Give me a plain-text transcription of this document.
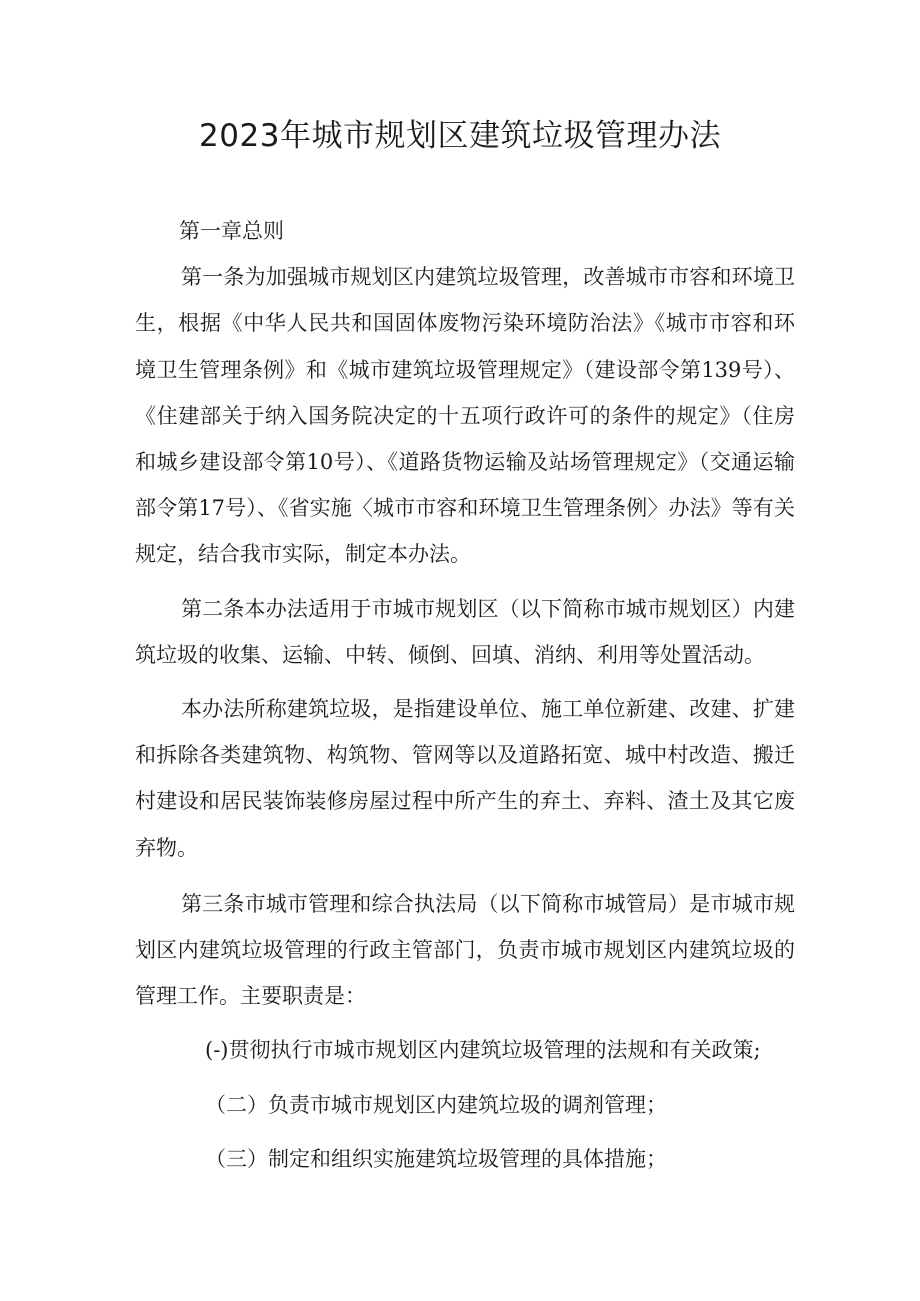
2023年城市规划区建筑垃圾管理办法

第一章总则

第一条为加强城市规划区内建筑垃圾管理，改善城市市容和环境卫生，根据《中华人民共和国固体废物污染环境防治法》《城市市容和环境卫生管理条例》和《城市建筑垃圾管理规定》（建设部令第139号）、《住建部关于纳入国务院决定的十五项行政许可的条件的规定》（住房和城乡建设部令第10号）、《道路货物运输及站场管理规定》（交通运输部令第17号）、《省实施〈城市市容和环境卫生管理条例〉办法》等有关规定，结合我市实际，制定本办法。

第二条本办法适用于市城市规划区（以下简称市城市规划区）内建筑垃圾的收集、运输、中转、倾倒、回填、消纳、利用等处置活动。

本办法所称建筑垃圾，是指建设单位、施工单位新建、改建、扩建和拆除各类建筑物、构筑物、管网等以及道路拓宽、城中村改造、搬迁村建设和居民装饰装修房屋过程中所产生的弃土、弃料、渣土及其它废弃物。

第三条市城市管理和综合执法局（以下简称市城管局）是市城市规划区内建筑垃圾管理的行政主管部门，负责市城市规划区内建筑垃圾的管理工作。主要职责是：

(-)贯彻执行市城市规划区内建筑垃圾管理的法规和有关政策;

（二）负责市城市规划区内建筑垃圾的调剂管理；

（三）制定和组织实施建筑垃圾管理的具体措施；
